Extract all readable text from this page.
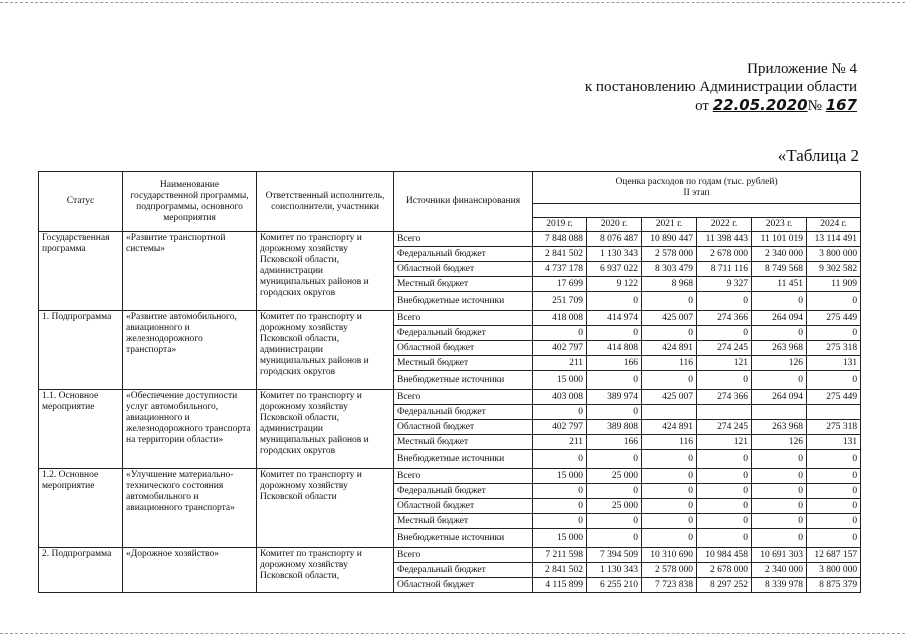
Приложение № 4
к постановлению Администрации области
от 22.05.2020№ 167
«Таблица 2
Статус	Наименование государственной программы, подпрограммы, основного мероприятия	Ответственный исполнитель, соисполнители, участники	Источники финансирования	Оценка расходов по годам (тыс. рублей)
II этап					

				2019 г.	2020 г.	2021 г.	2022 г.	2023 г.	2024 г.
Государственная программа	«Развитие транспортной системы»	Комитет по транспорту и дорожному хозяйству Псковской области, администрации муниципальных районов и городских округов	Всего	7 848 088	8 076 487	10 890 447	11 398 443	11 101 019	13 114 491
			Федеральный бюджет	2 841 502	1 130 343	2 578 000	2 678 000	2 340 000	3 800 000
			Областной бюджет	4 737 178	6 937 022	8 303 479	8 711 116	8 749 568	9 302 582
			Местный бюджет	17 699	9 122	8 968	9 327	11 451	11 909
			Внебюджетные источники	251 709	0	0	0	0	0
1. Подпрограмма	«Развитие автомобильного, авиационного и железнодорожного транспорта»	Комитет по транспорту и дорожному хозяйству Псковской области, администрации муниципальных районов и городских округов	Всего	418 008	414 974	425 007	274 366	264 094	275 449
			Федеральный бюджет	0	0	0	0	0	0
			Областной бюджет	402 797	414 808	424 891	274 245	263 968	275 318
			Местный бюджет	211	166	116	121	126	131
			Внебюджетные источники	15 000	0	0	0	0	0
1.1. Основное мероприятие	«Обеспечение доступности услуг автомобильного, авиационного и железнодорожного транспорта на территории области»	Комитет по транспорту и дорожному хозяйству Псковской области, администрации муниципальных районов и городских округов	Всего	403 008	389 974	425 007	274 366	264 094	275 449
			Федеральный бюджет	0	0				
			Областной бюджет	402 797	389 808	424 891	274 245	263 968	275 318
			Местный бюджет	211	166	116	121	126	131
			Внебюджетные источники	0	0	0	0	0	0
1.2. Основное мероприятие	«Улучшение материально-технического состояния автомобильного и авиационного транспорта»	Комитет по транспорту и дорожному хозяйству Псковской области	Всего	15 000	25 000	0	0	0	0
			Федеральный бюджет	0	0	0	0	0	0
			Областной бюджет	0	25 000	0	0	0	0
			Местный бюджет	0	0	0	0	0	0
			Внебюджетные источники	15 000	0	0	0	0	0
2. Подпрограмма	«Дорожное хозяйство»	Комитет по транспорту и дорожному хозяйству Псковской области,	Всего	7 211 598	7 394 509	10 310 690	10 984 458	10 691 303	12 687 157
			Федеральный бюджет	2 841 502	1 130 343	2 578 000	2 678 000	2 340 000	3 800 000
			Областной бюджет	4 115 899	6 255 210	7 723 838	8 297 252	8 339 978	8 875 379
